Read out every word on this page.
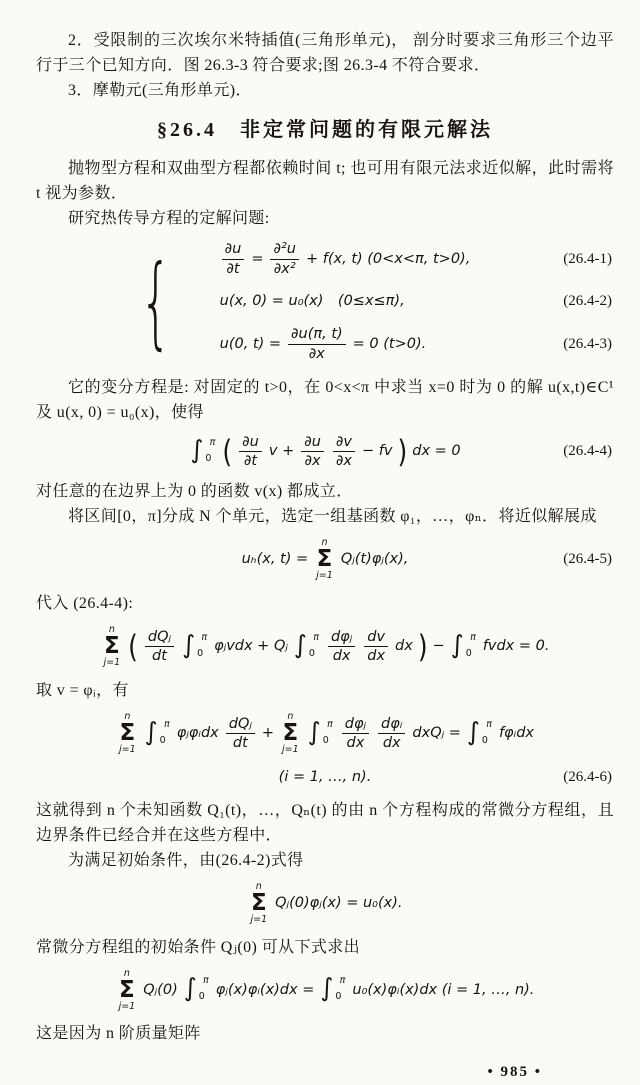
2．受限制的三次埃尔米特插值(三角形单元)， 剖分时要求三角形三个边平行于三个已知方向．图 26.3-3 符合要求;图 26.3-4 不符合要求．

3．摩勒元(三角形单元)．

§26.4　非定常问题的有限元解法

抛物型方程和双曲型方程都依赖时间 t; 也可用有限元法求近似解，此时需将 t 视为参数．

研究热传导方程的定解问题:

{	$\frac{\partial u}{\partial t} = \frac{\text{∂²u}}{\text{∂x²}} + f(x$, t) (0<x<π, t>0),	(26.4-1)
u(x, 0) = u₀(x)　(0≤x≤π),	(26.4-2)
u(0, $t) = \frac{\partial u(\pi, t)}{\partial x} = 0$ (t>0).	(26.4-3)

它的变分方程是: 对固定的 t>0，在 0<x<π 中求当 x=0 时为 0 的解 u(x,t)∈C¹ 及 u(x, 0) = u₀(x)，使得

∫ π
0 ( $\frac{\partial u}{\partial t}$ $v + \frac{\partial u}{\partial x} \frac{\partial v}{\partial x}$ − fv ) dx = 0	(26.4-4)

对任意的在边界上为 0 的函数 v(x) 都成立．

将区间[0，π]分成 N 个单元，选定一组基函数 φ₁，…，φₙ．将近似解展成

uₕ(x, t) =
n
Σ
j=1
Qⱼ(t)φⱼ(x),	(26.4-5)

代入 (26.4-4):

n
Σ
j=1 ( $\frac{\text{dQⱼ}}{dt}$ ∫ π
0 φⱼvdx + Qⱼ ∫ π
$0 \frac{\text{dφⱼ}}{dx} \frac{dv}{dx}$ dx ) − ∫ π
0 fvdx = 0.

取 v = φᵢ，有

n
Σ
j=1
∫ π
0 φⱼφᵢdx $\frac{\text{dQⱼ}}{dt}$ +
n
Σ
j=1
∫ π
$0 \frac{\text{dφⱼ}}{dx} \frac{\text{dφᵢ}}{dx}$ dxQⱼ = ∫ π
0 fφᵢdx
(i = 1, …, n).	(26.4-6)

这就得到 n 个未知函数 Q₁(t)，…，Qₙ(t) 的由 n 个方程构成的常微分方程组，且边界条件已经合并在这些方程中．

为满足初始条件，由(26.4-2)式得

n
Σ
j=1
Qⱼ(0)φⱼ(x) = u₀(x).

常微分方程组的初始条件 Qⱼ(0) 可从下式求出

n
Σ
j=1
Qⱼ(0) ∫ π
0 φⱼ(x)φᵢ(x)dx = ∫ π
0 u₀(x)φᵢ(x)dx (i = 1, …, n).

这是因为 n 阶质量矩阵

• 985 •
